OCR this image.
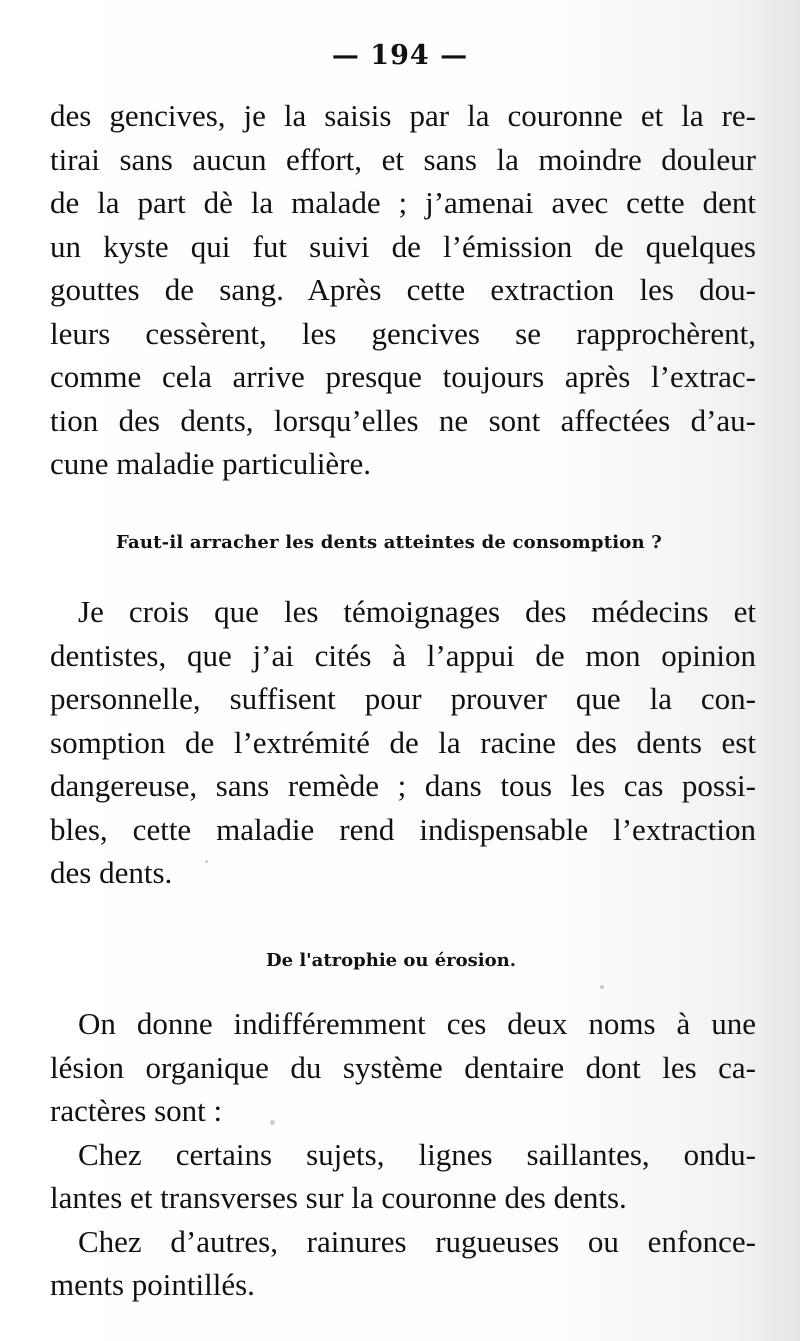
— 194 —
des gencives, je la saisis par la couronne et la re-
tirai sans aucun effort, et sans la moindre douleur
de la part dè la malade ; j’amenai avec cette dent
un kyste qui fut suivi de l’émission de quelques
gouttes de sang. Après cette extraction les dou-
leurs cessèrent, les gencives se rapprochèrent,
comme cela arrive presque toujours après l’extrac-
tion des dents, lorsqu’elles ne sont affectées d’au-
cune maladie particulière.
Faut-il arracher les dents atteintes de consomption ?
Je crois que les témoignages des médecins et
dentistes, que j’ai cités à l’appui de mon opinion
personnelle, suffisent pour prouver que la con-
somption de l’extrémité de la racine des dents est
dangereuse, sans remède ; dans tous les cas possi-
bles, cette maladie rend indispensable l’extraction
des dents.
De l'atrophie ou érosion.
On donne indifféremment ces deux noms à une
lésion organique du système dentaire dont les ca-
ractères sont :
Chez certains sujets, lignes saillantes, ondu-
lantes et transverses sur la couronne des dents.
Chez d’autres, rainures rugueuses ou enfonce-
ments pointillés.
